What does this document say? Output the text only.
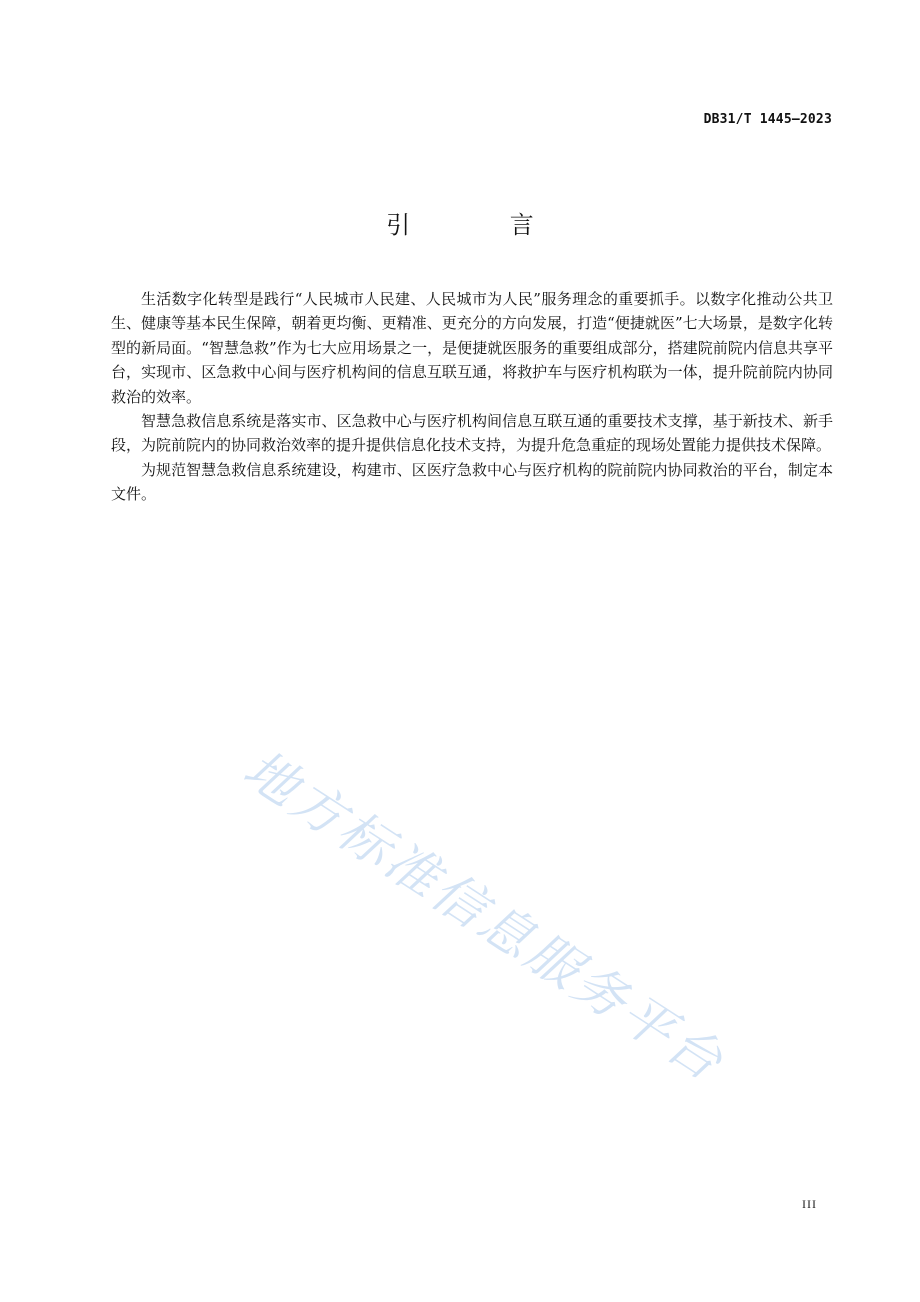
DB31/T 1445—2023
引 言

生活数字化转型是践行“人民城市人民建、人民城市为人民”服务理念的重要抓手。以数字化推动公共卫生、健康等基本民生保障，朝着更均衡、更精准、更充分的方向发展，打造“便捷就医”七大场景，是数字化转型的新局面。“智慧急救”作为七大应用场景之一，是便捷就医服务的重要组成部分，搭建院前院内信息共享平台，实现市、区急救中心间与医疗机构间的信息互联互通，将救护车与医疗机构联为一体，提升院前院内协同救治的效率。

智慧急救信息系统是落实市、区急救中心与医疗机构间信息互联互通的重要技术支撑，基于新技术、新手段，为院前院内的协同救治效率的提升提供信息化技术支持，为提升危急重症的现场处置能力提供技术保障。

为规范智慧急救信息系统建设，构建市、区医疗急救中心与医疗机构的院前院内协同救治的平台，制定本文件。

地方标准信息服务平台
III
